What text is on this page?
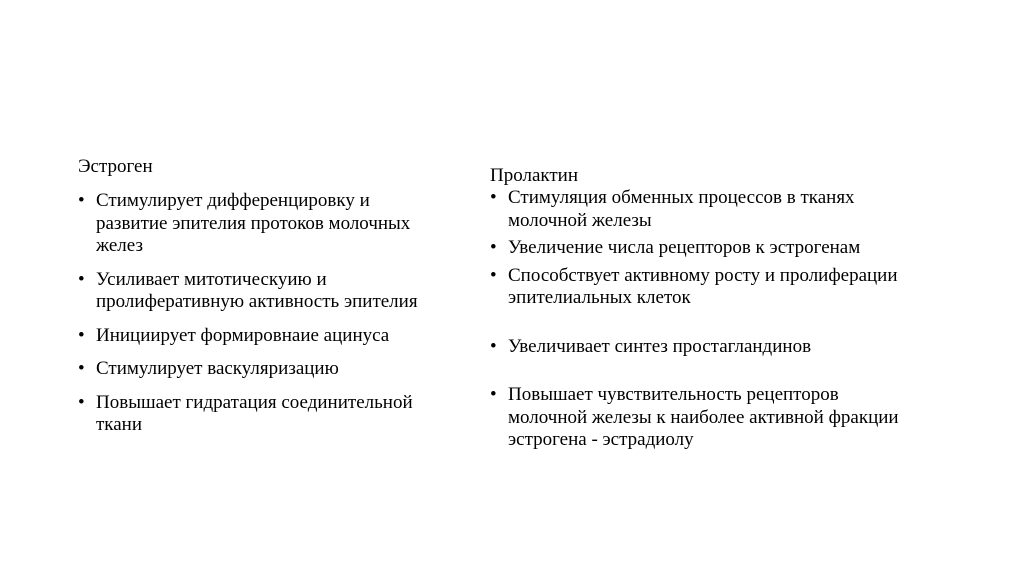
Эстроген

• Стимулирует дифференцировку и развитие эпителия протоков молочных желез
• Усиливает митотическуию и пролиферативную активность эпителия
• Инициирует формировнаие ацинуса
• Стимулирует васкуляризацию
• Повышает гидратация соединительной ткани

Пролактин

• Стимуляция обменных процессов в тканях молочной железы
• Увеличение числа рецепторов к эстрогенам
• Способствует активному росту и пролиферации эпителиальных клеток
• Увеличивает синтез простагландинов
• Повышает чувствительность рецепторов молочной железы к наиболее активной фракции эстрогена - эстрадиолу
